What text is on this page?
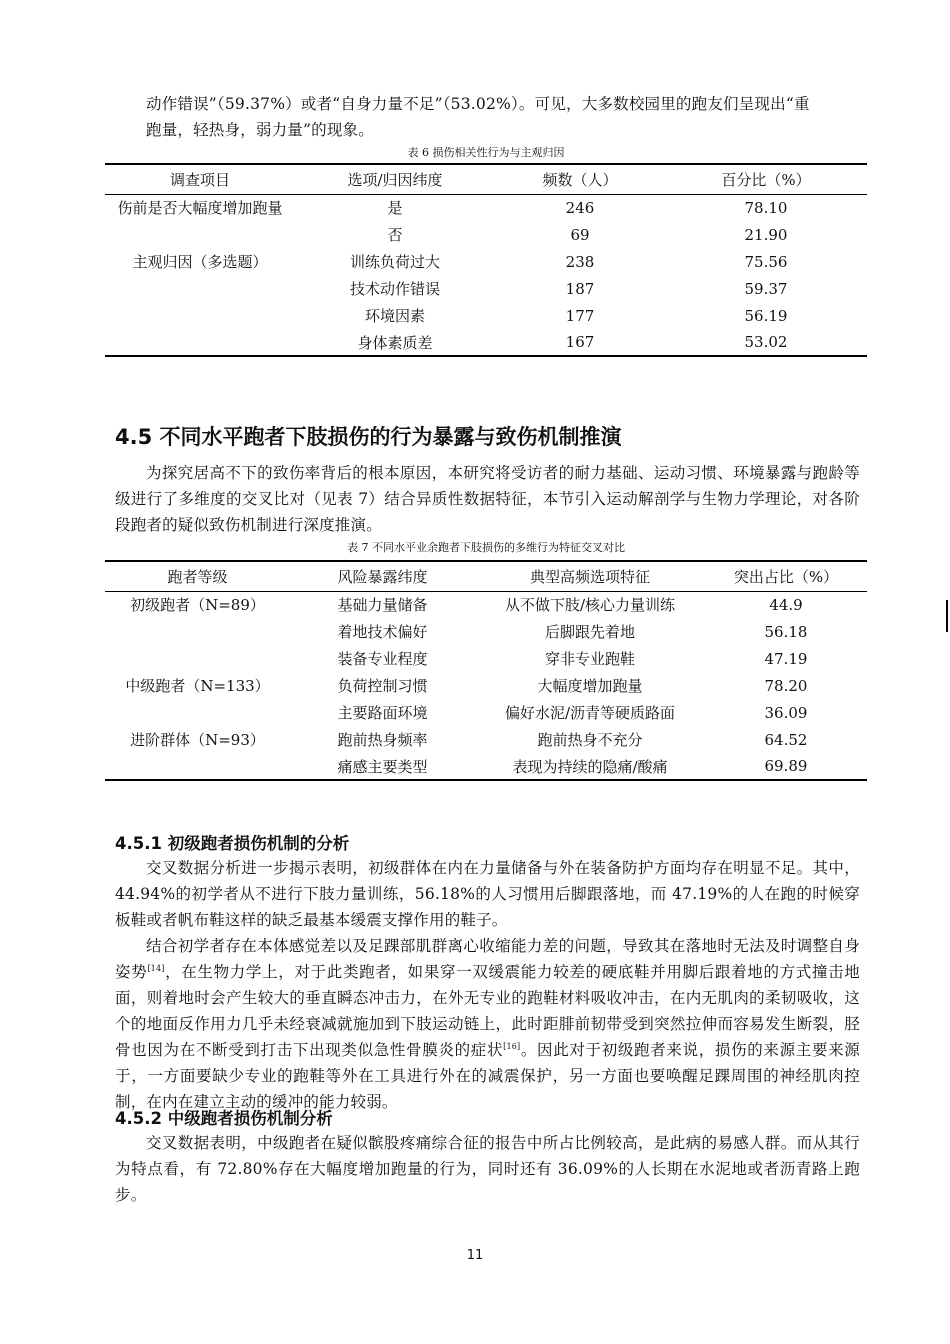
动作错误”（59.37%）或者“自身力量不足”（53.02%）。可见，大多数校园里的跑友们呈现出“重

跑量，轻热身，弱力量”的现象。

表 6 损伤相关性行为与主观归因
调查项目	选项/归因纬度	频数（人）	百分比（%）
伤前是否大幅度增加跑量	是	246	78.10
	否	69	21.90
主观归因（多选题）	训练负荷过大	238	75.56
	技术动作错误	187	59.37
	环境因素	177	56.19
	身体素质差	167	53.02
4.5 不同水平跑者下肢损伤的行为暴露与致伤机制推演

为探究居高不下的致伤率背后的根本原因，本研究将受访者的耐力基础、运动习惯、环境暴露与跑龄等级进行了多维度的交叉比对（见表 7）结合异质性数据特征，本节引入运动解剖学与生物力学理论，对各阶段跑者的疑似致伤机制进行深度推演。

表 7 不同水平业余跑者下肢损伤的多维行为特征交叉对比
跑者等级	风险暴露纬度	典型高频选项特征	突出占比（%）
初级跑者（N=89）	基础力量储备	从不做下肢/核心力量训练	44.9
	着地技术偏好	后脚跟先着地	56.18
	装备专业程度	穿非专业跑鞋	47.19
中级跑者（N=133）	负荷控制习惯	大幅度增加跑量	78.20
	主要路面环境	偏好水泥/沥青等硬质路面	36.09
进阶群体（N=93）	跑前热身频率	跑前热身不充分	64.52
	痛感主要类型	表现为持续的隐痛/酸痛	69.89
4.5.1 初级跑者损伤机制的分析

交叉数据分析进一步揭示表明，初级群体在内在力量储备与外在装备防护方面均存在明显不足。其中，44.94%的初学者从不进行下肢力量训练，56.18%的人习惯用后脚跟落地，而 47.19%的人在跑的时候穿板鞋或者帆布鞋这样的缺乏最基本缓震支撑作用的鞋子。

结合初学者存在本体感觉差以及足踝部肌群离心收缩能力差的问题，导致其在落地时无法及时调整自身姿势[14]，在生物力学上，对于此类跑者，如果穿一双缓震能力较差的硬底鞋并用脚后跟着地的方式撞击地面，则着地时会产生较大的垂直瞬态冲击力，在外无专业的跑鞋材料吸收冲击，在内无肌肉的柔韧吸收，这个的地面反作用力几乎未经衰减就施加到下肢运动链上，此时距腓前韧带受到突然拉伸而容易发生断裂，胫骨也因为在不断受到打击下出现类似急性骨膜炎的症状[16]。因此对于初级跑者来说，损伤的来源主要来源于，一方面要缺少专业的跑鞋等外在工具进行外在的减震保护，另一方面也要唤醒足踝周围的神经肌肉控制，在内在建立主动的缓冲的能力较弱。

4.5.2 中级跑者损伤机制分析

交叉数据表明，中级跑者在疑似髌股疼痛综合征的报告中所占比例较高，是此病的易感人群。而从其行为特点看，有 72.80%存在大幅度增加跑量的行为，同时还有 36.09%的人长期在水泥地或者沥青路上跑步。

11
